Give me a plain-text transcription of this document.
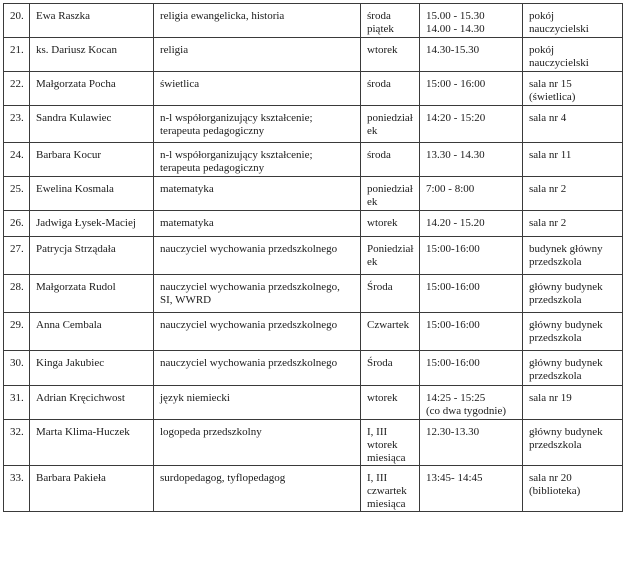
20.	Ewa Raszka	religia ewangelicka, historia	środa
piątek	15.00 - 15.30
14.00 - 14.30	pokój
nauczycielski
21.	ks. Dariusz Kocan	religia	wtorek	14.30-15.30	pokój
nauczycielski
22.	Małgorzata Pocha	świetlica	środa	15:00 - 16:00	sala nr 15
(świetlica)
23.	Sandra Kulawiec	n-l współorganizujący kształcenie;
terapeuta pedagogiczny	poniedział
ek	14:20 - 15:20	sala nr 4
24.	Barbara Kocur	n-l współorganizujący kształcenie;
terapeuta pedagogiczny	środa	13.30 - 14.30	sala nr 11
25.	Ewelina Kosmala	matematyka	poniedział
ek	7:00 - 8:00	sala nr 2
26.	Jadwiga Łysek-Maciej	matematyka	wtorek	14.20 - 15.20	sala nr 2
27.	Patrycja Strządała	nauczyciel wychowania przedszkolnego	Poniedział
ek	15:00-16:00	budynek główny
przedszkola
28.	Małgorzata Rudol	nauczyciel wychowania przedszkolnego,
SI, WWRD	Środa	15:00-16:00	główny budynek
przedszkola
29.	Anna Cembala	nauczyciel wychowania przedszkolnego	Czwartek	15:00-16:00	główny budynek
przedszkola
30.	Kinga Jakubiec	nauczyciel wychowania przedszkolnego	Środa	15:00-16:00	główny budynek
przedszkola
31.	Adrian Kręcichwost	język niemiecki	wtorek	14:25 - 15:25
(co dwa tygodnie)	sala nr 19
32.	Marta Klima-Huczek	logopeda przedszkolny	I, III
wtorek
miesiąca	12.30-13.30	główny budynek
przedszkola
33.	Barbara Pakieła	surdopedagog, tyflopedagog	I, III
czwartek
miesiąca	13:45- 14:45	sala nr 20
(biblioteka)
